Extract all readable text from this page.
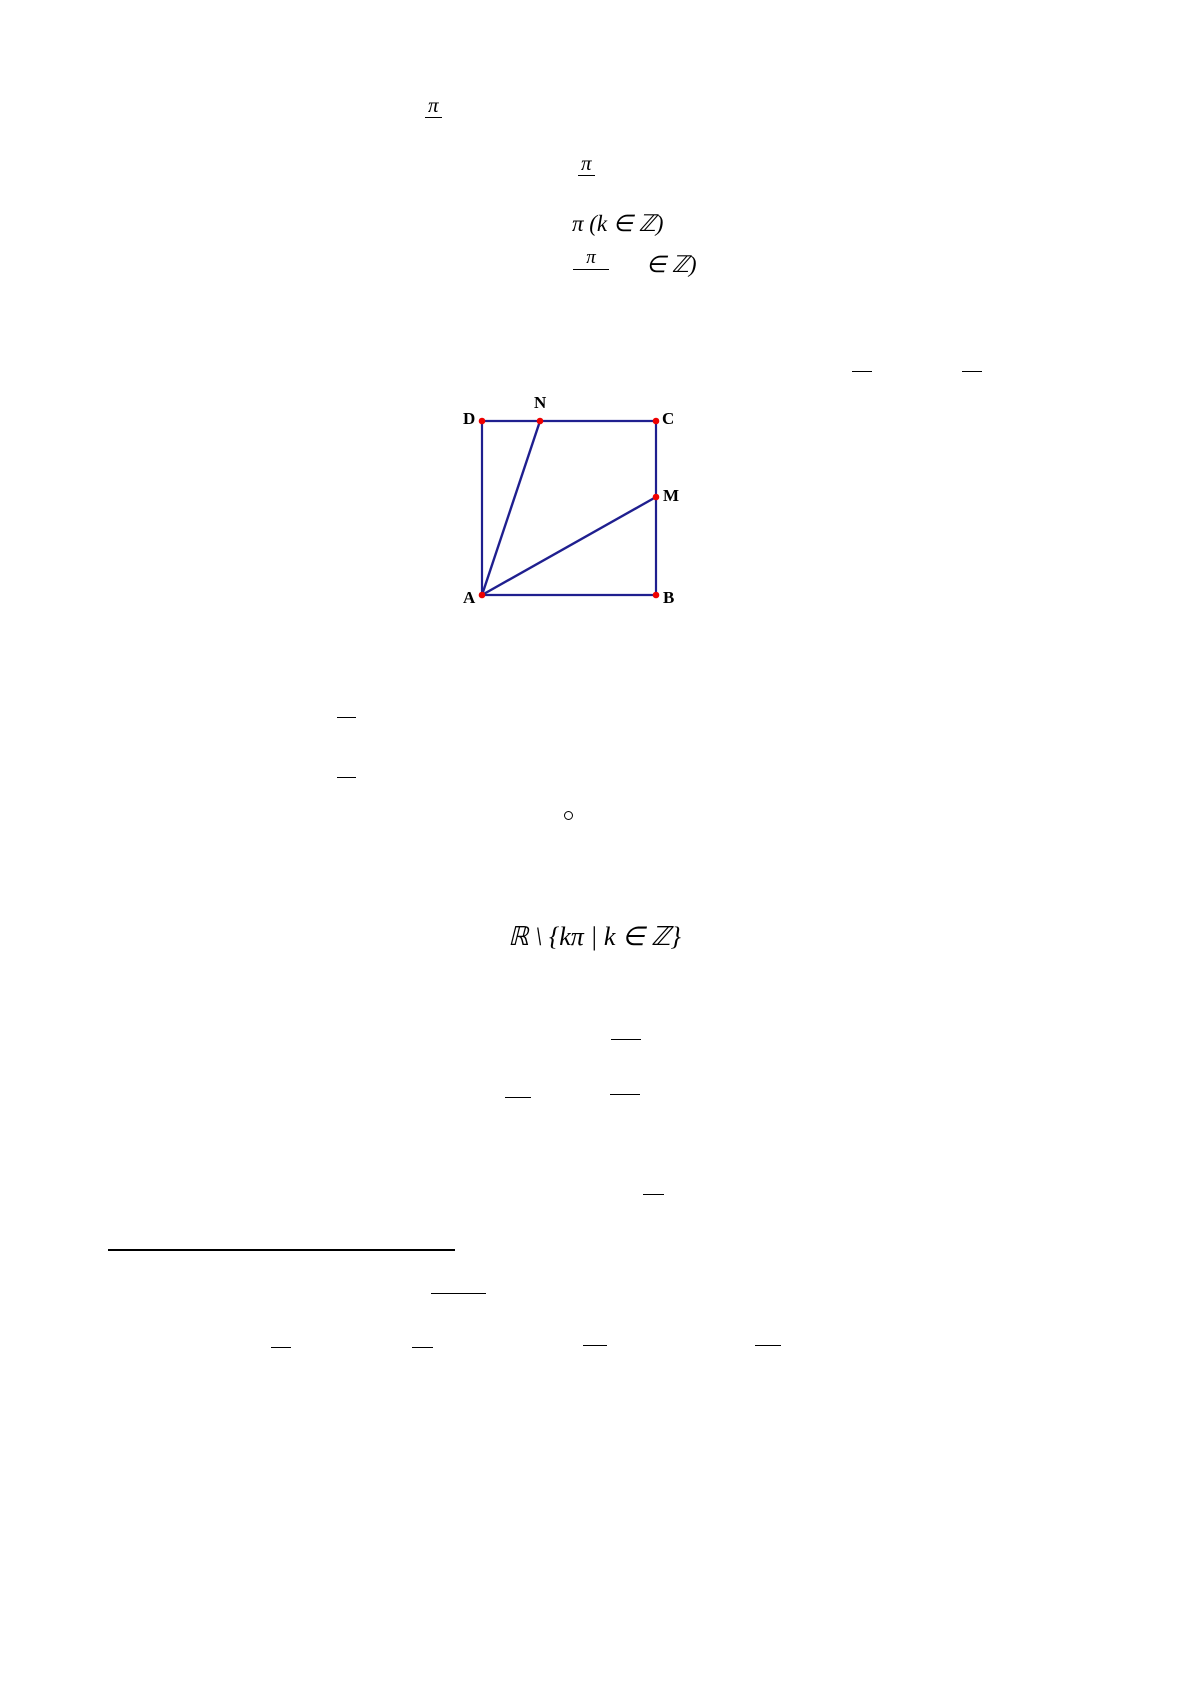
π
π
π (k ∈ ℤ)
π	∈ ℤ)
D
N
C
M
A	B
ℝ \ {kπ | k ∈ ℤ}
